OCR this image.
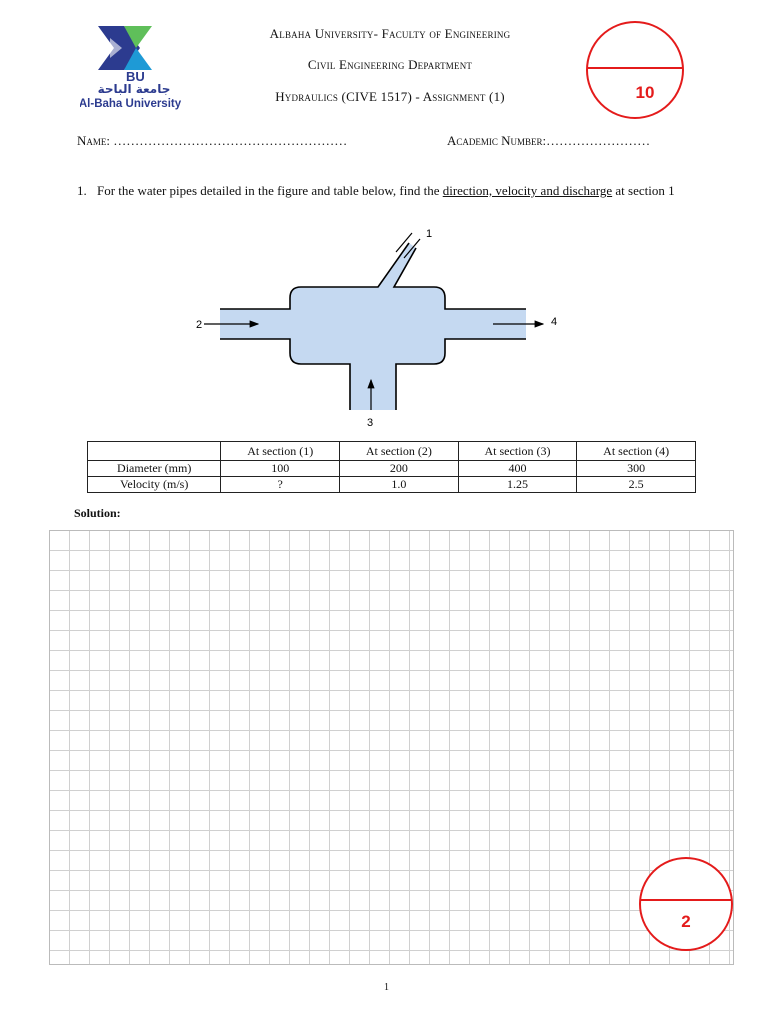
BU
جامعة الباحة
Al-Baha University
Albaha University- Faculty of Engineering
Civil Engineering Department
Hydraulics (CIVE 1517) - Assignment (1)	10
Name: ………………………………………………	Academic Number:……………………
1. For the water pipes detailed in the figure and table below, find the direction, velocity and discharge at section 1
1
2
3
4
	At section (1)	At section (2)	At section (3)	At section (4)
Diameter (mm)	100	200	400	300
Velocity (m/s)	?	1.0	1.25	2.5
Solution:
2
1
